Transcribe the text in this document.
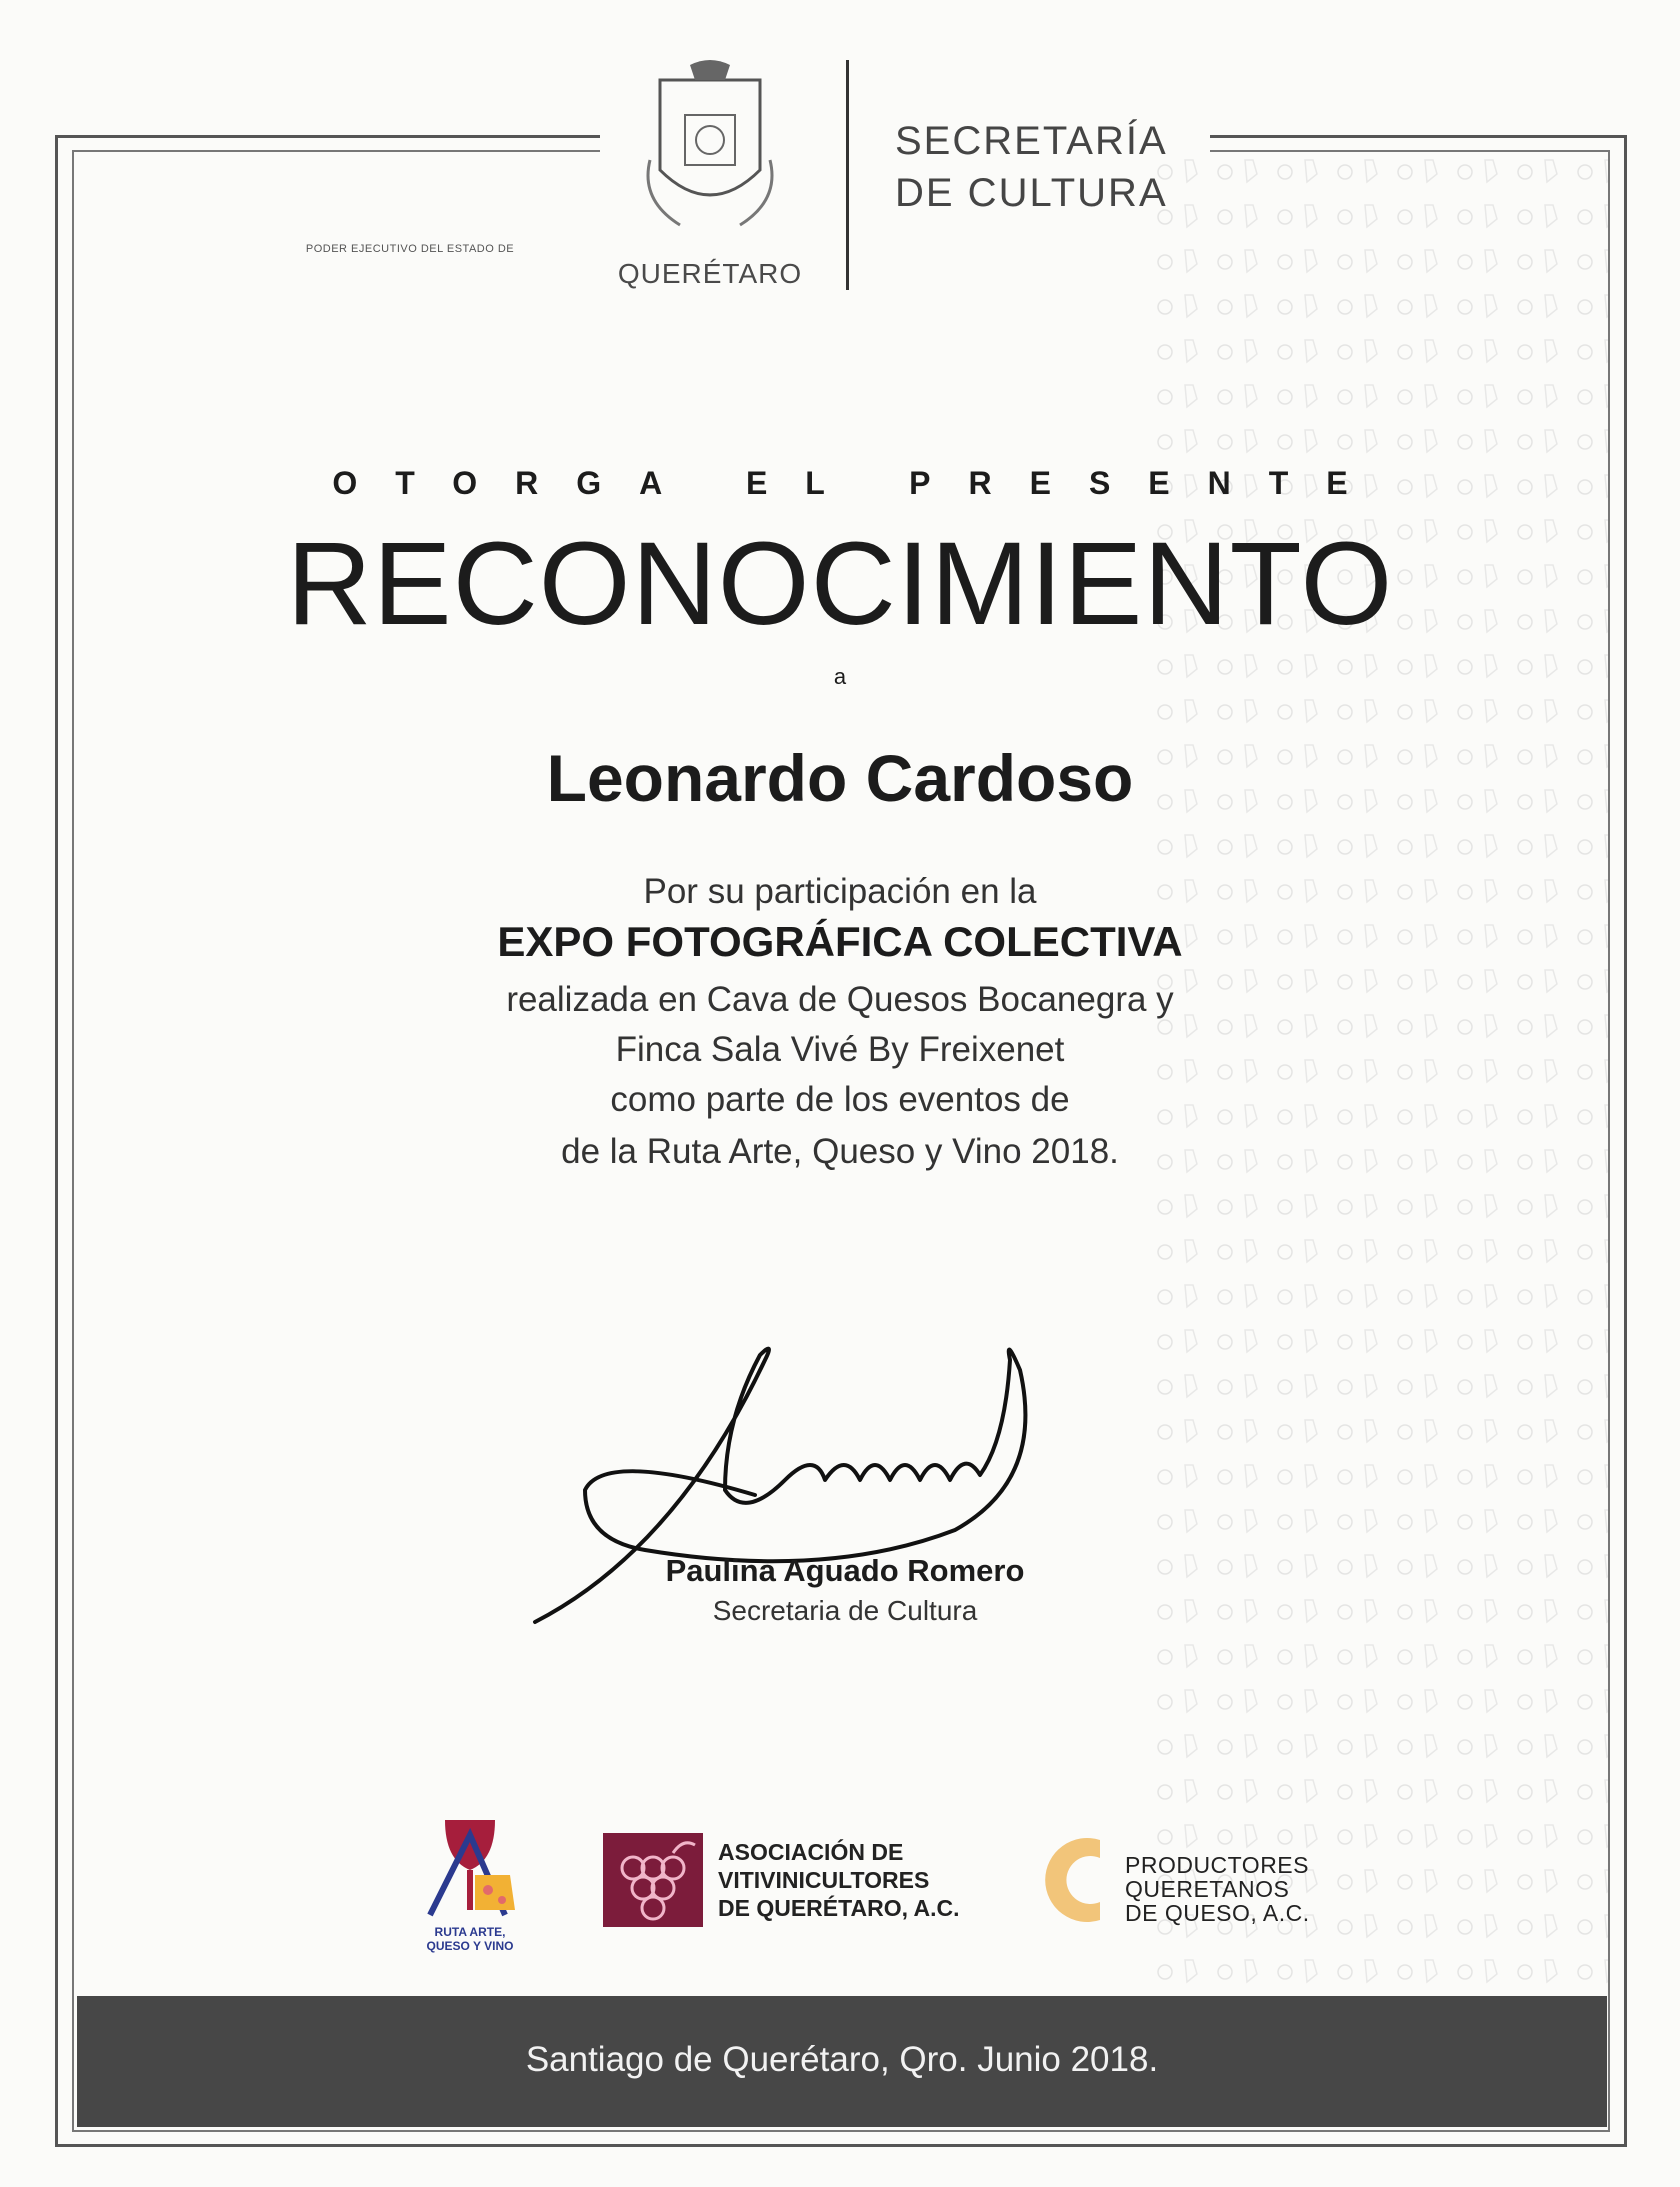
PODER EJECUTIVO DEL ESTADO DE
QUERÉTARO
SECRETARÍA
DE CULTURA
OTORGA EL PRESENTE
RECONOCIMIENTO
a
Leonardo Cardoso
Por su participación en la
EXPO FOTOGRÁFICA COLECTIVA
realizada en Cava de Quesos Bocanegra y
Finca Sala Vivé By Freixenet
como parte de los eventos de
de la Ruta Arte, Queso y Vino 2018.
Paulina Aguado Romero
Secretaria de Cultura
RUTA ARTE,
QUESO Y VINO
ASOCIACIÓN DE
VITIVINICULTORES
DE QUERÉTARO, A.C.
PRODUCTORES
QUERETANOS
DE QUESO, A.C.
Santiago de Querétaro, Qro. Junio 2018.
